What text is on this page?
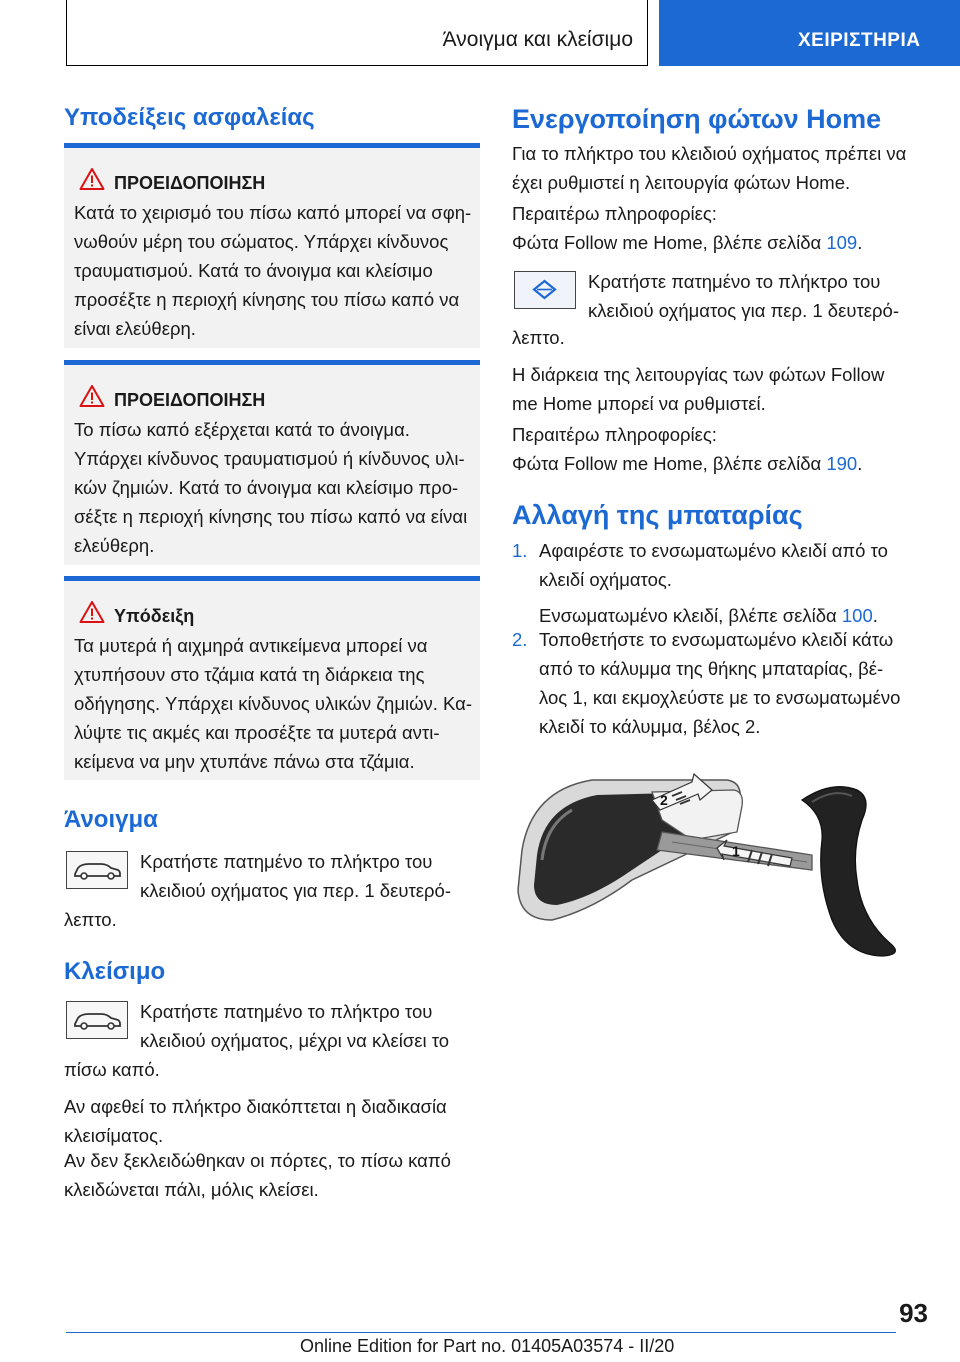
Άνοιγμα και κλείσιμο	ΧΕΙΡΙΣΤΗΡΙΑ
Υποδείξεις ασφαλείας
ΠΡΟΕΙΔΟΠΟΙΗΣΗ
Κατά το χειρισμό του πίσω καπό μπορεί να σφη-
νωθούν μέρη του σώματος. Υπάρχει κίνδυνος
τραυματισμού. Κατά το άνοιγμα και κλείσιμο
προσέξτε η περιοχή κίνησης του πίσω καπό να
είναι ελεύθερη.
ΠΡΟΕΙΔΟΠΟΙΗΣΗ
Το πίσω καπό εξέρχεται κατά το άνοιγμα.
Υπάρχει κίνδυνος τραυματισμού ή κίνδυνος υλι-
κών ζημιών. Κατά το άνοιγμα και κλείσιμο προ-
σέξτε η περιοχή κίνησης του πίσω καπό να είναι
ελεύθερη.
Υπόδειξη
Τα μυτερά ή αιχμηρά αντικείμενα μπορεί να
χτυπήσουν στο τζάμια κατά τη διάρκεια της
οδήγησης. Υπάρχει κίνδυνος υλικών ζημιών. Κα-
λύψτε τις ακμές και προσέξτε τα μυτερά αντι-
κείμενα να μην χτυπάνε πάνω στα τζάμια.
Άνοιγμα
Κρατήστε πατημένο το πλήκτρο του
κλειδιού οχήματος για περ. 1 δευτερό-
λεπτο.
Κλείσιμο
Κρατήστε πατημένο το πλήκτρο του
κλειδιού οχήματος, μέχρι να κλείσει το
πίσω καπό.
Αν αφεθεί το πλήκτρο διακόπτεται η διαδικασία
κλεισίματος.
Αν δεν ξεκλειδώθηκαν οι πόρτες, το πίσω καπό
κλειδώνεται πάλι, μόλις κλείσει.
Ενεργοποίηση φώτων Home
Για το πλήκτρο του κλειδιού οχήματος πρέπει να
έχει ρυθμιστεί η λειτουργία φώτων Home.
Περαιτέρω πληροφορίες:
Φώτα Follow me Home, βλέπε σελίδα 109.
Κρατήστε πατημένο το πλήκτρο του
κλειδιού οχήματος για περ. 1 δευτερό-
λεπτο.
Η διάρκεια της λειτουργίας των φώτων Follow
me Home μπορεί να ρυθμιστεί.
Περαιτέρω πληροφορίες:
Φώτα Follow me Home, βλέπε σελίδα 190.
Αλλαγή της μπαταρίας
1. Αφαιρέστε το ενσωματωμένο κλειδί από το
κλειδί οχήματος.
Ενσωματωμένο κλειδί, βλέπε σελίδα 100.
2. Τοποθετήστε το ενσωματωμένο κλειδί κάτω
από το κάλυμμα της θήκης μπαταρίας, βέ-
λος 1, και εκμοχλεύστε με το ενσωματωμένο
κλειδί το κάλυμμα, βέλος 2.
2
1
93
Online Edition for Part no. 01405A03574 - II/20
